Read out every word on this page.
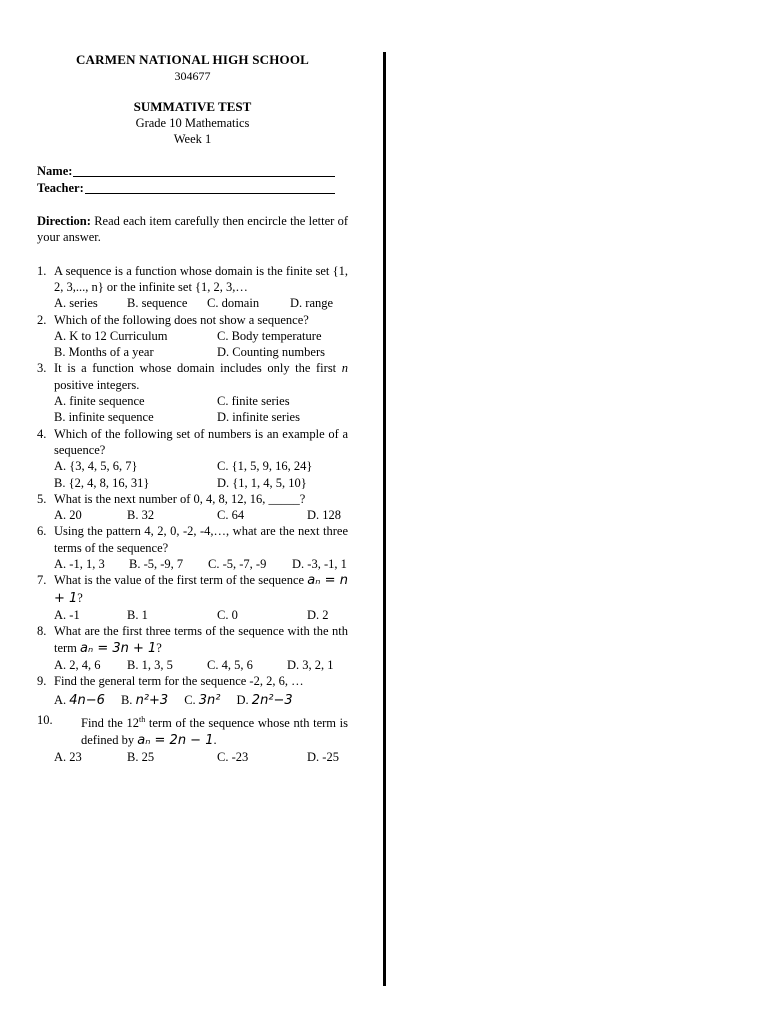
CARMEN NATIONAL HIGH SCHOOL
304677
SUMMATIVE TEST
Grade 10 Mathematics
Week 1
Name:
Teacher:
Direction: Read each item carefully then encircle the letter of your answer.
1. A sequence is a function whose domain is the finite set {1, 2, 3,..., n} or the infinite set {1, 2, 3,…
A. series	B. sequence	C. domain	D. range
2. Which of the following does not show a sequence?
A. K to 12 Curriculum	C. Body temperature
B. Months of a year	D. Counting numbers
3. It is a function whose domain includes only the first n positive integers.
A. finite sequence	C. finite series
B. infinite sequence	D. infinite series
4. Which of the following set of numbers is an example of a sequence?
A. {3, 4, 5, 6, 7}	C. {1, 5, 9, 16, 24}
B. {2, 4, 8, 16, 31}	D. {1, 1, 4, 5, 10}
5. What is the next number of 0, 4, 8, 12, 16, _____?
A. 20	B. 32	C. 64	D. 128
6. Using the pattern 4, 2, 0, -2, -4,…, what are the next three terms of the sequence?
A. -1, 1, 3	B. -5, -9, 7	C. -5, -7, -9	D. -3, -1, 1
7. What is the value of the first term of the sequence aₙ = n + 1?
A. -1	B. 1	C. 0	D. 2
8. What are the first three terms of the sequence with the nth term aₙ = 3n + 1?
A. 2, 4, 6	B. 1, 3, 5	C. 4, 5, 6	D. 3, 2, 1
9. Find the general term for the sequence -2, 2, 6, …
A. 4n−6 B. n²+3 C. 3n² D. 2n²−3
10.	Find the 12th term of the sequence whose nth term is defined by aₙ = 2n − 1.
A. 23	B. 25	C. -23	D. -25
